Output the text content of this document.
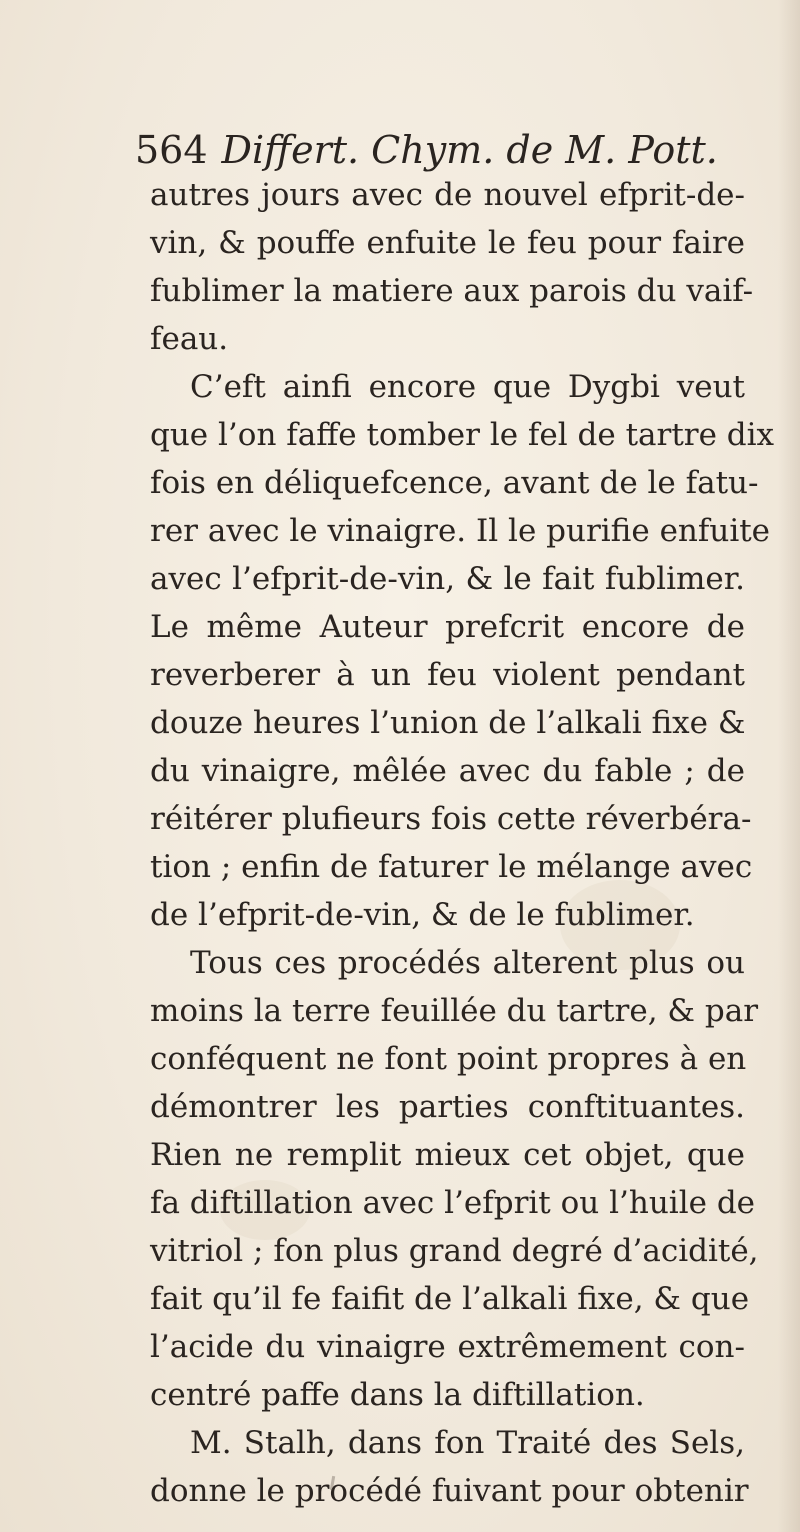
564 Differt. Chym. de M. Pott.
autres jours avec de nouvel efprit-de-
vin, & pouffe enfuite le feu pour faire
fublimer la matiere aux parois du vaif-
feau.
C’eft ainfi encore que Dygbi veut
que l’on faffe tomber le fel de tartre dix
fois en déliquefcence, avant de le fatu-
rer avec le vinaigre. Il le purifie enfuite
avec l’efprit-de-vin, & le fait fublimer.
Le même Auteur prefcrit encore de
reverberer à un feu violent pendant
douze heures l’union de l’alkali fixe &
du vinaigre, mêlée avec du fable ; de
réitérer plufieurs fois cette réverbéra-
tion ; enfin de faturer le mélange avec
de l’efprit-de-vin, & de le fublimer.
Tous ces procédés alterent plus ou
moins la terre feuillée du tartre, & par
conféquent ne font point propres à en
démontrer les parties conftituantes.
Rien ne remplit mieux cet objet, que
fa diftillation avec l’efprit ou l’huile de
vitriol ; fon plus grand degré d’acidité,
fait qu’il fe faifit de l’alkali fixe, & que
l’acide du vinaigre extrêmement con-
centré paffe dans la diftillation.
M. Stalh, dans fon Traité des Sels,
donne le procédé fuivant pour obtenir
